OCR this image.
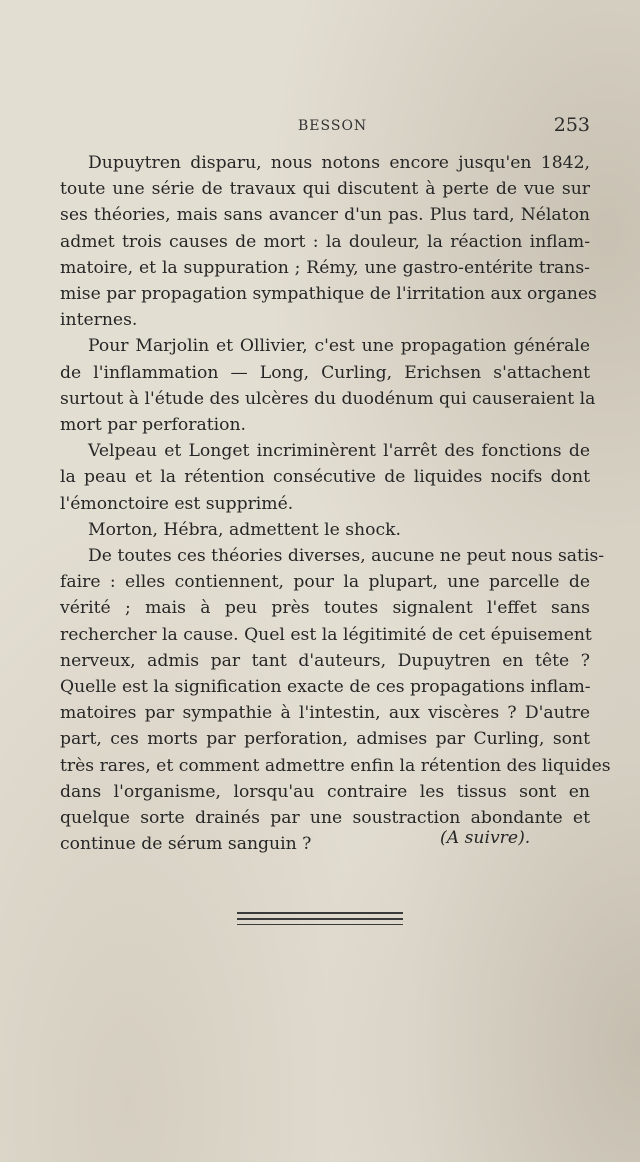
BESSON	253

Dupuytren disparu, nous notons encore jusqu'en 1842,
toute une série de travaux qui discutent à perte de vue sur
ses théories, mais sans avancer d'un pas. Plus tard, Nélaton
admet trois causes de mort : la douleur, la réaction inflam-
matoire, et la suppuration ; Rémy, une gastro-entérite trans-
mise par propagation sympathique de l'irritation aux organes
internes.

Pour Marjolin et Ollivier, c'est une propagation générale
de l'inflammation — Long, Curling, Erichsen s'attachent
surtout à l'étude des ulcères du duodénum qui causeraient la
mort par perforation.

Velpeau et Longet incriminèrent l'arrêt des fonctions de
la peau et la rétention consécutive de liquides nocifs dont
l'émonctoire est supprimé.

Morton, Hébra, admettent le shock.

De toutes ces théories diverses, aucune ne peut nous satis-
faire : elles contiennent, pour la plupart, une parcelle de
vérité ; mais à peu près toutes signalent l'effet sans
rechercher la cause. Quel est la légitimité de cet épuisement
nerveux, admis par tant d'auteurs, Dupuytren en tête ?
Quelle est la signification exacte de ces propagations inflam-
matoires par sympathie à l'intestin, aux viscères ? D'autre
part, ces morts par perforation, admises par Curling, sont
très rares, et comment admettre enfin la rétention des liquides
dans l'organisme, lorsqu'au contraire les tissus sont en
quelque sorte drainés par une soustraction abondante et
continue de sérum sanguin ?	(A suivre).
